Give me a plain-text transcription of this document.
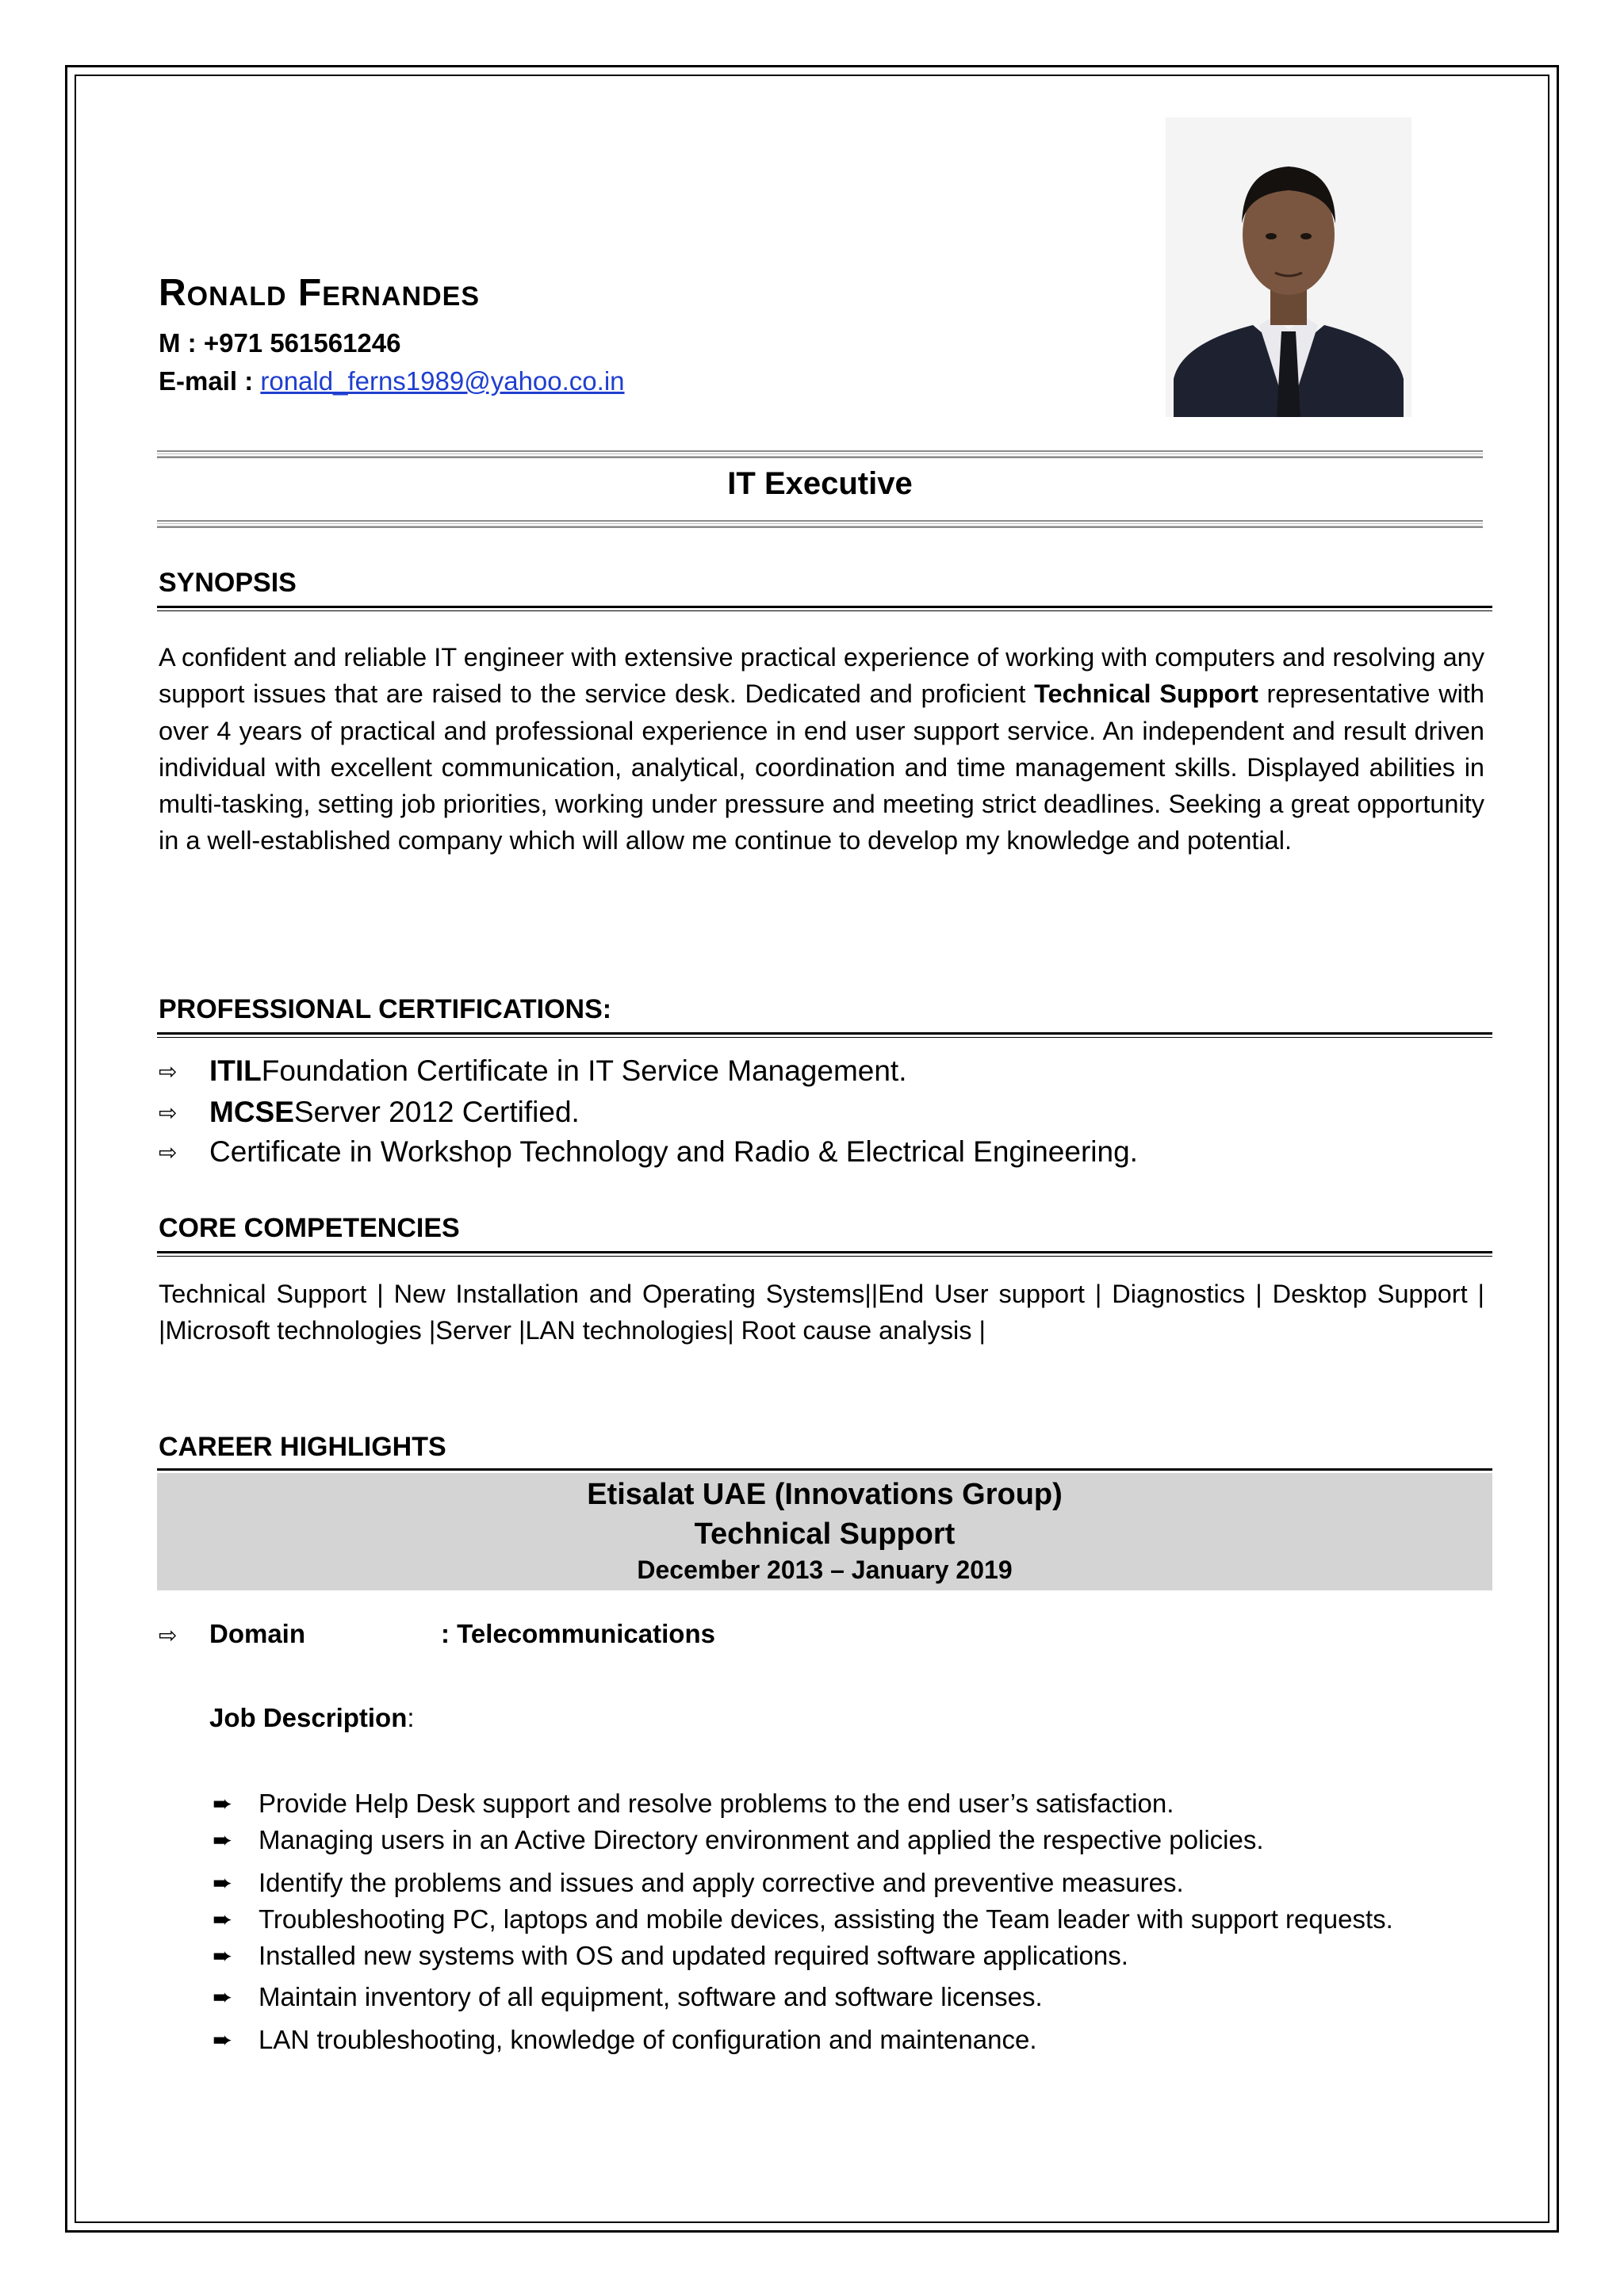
Ronald Fernandes
M : +971 561561246
E-mail : ronald_ferns1989@yahoo.co.in
IT Executive
SYNOPSIS
A confident and reliable IT engineer with extensive practical experience of working with computers and resolving any support issues that are raised to the service desk. Dedicated and proficient Technical Support representative with over 4 years of practical and professional experience in end user support service. An independent and result driven individual with excellent communication, analytical, coordination and time management skills. Displayed abilities in multi-tasking, setting job priorities, working under pressure and meeting strict deadlines. Seeking a great opportunity in a well-established company which will allow me continue to develop my knowledge and potential.
PROFESSIONAL CERTIFICATIONS:
⇨	ITIL Foundation Certificate in IT Service Management.
⇨	MCSE Server 2012 Certified.
⇨	Certificate in Workshop Technology and Radio & Electrical Engineering.
CORE COMPETENCIES
Technical Support | New Installation and Operating Systems||End User support | Diagnostics | Desktop Support | |Microsoft technologies |Server |LAN technologies| Root cause analysis |
CAREER HIGHLIGHTS
Etisalat UAE (Innovations Group)
Technical Support
December 2013 – January 2019
⇨	Domain	: Telecommunications
Job Description:
➨ Provide Help Desk support and resolve problems to the end user’s satisfaction.
➨ Managing users in an Active Directory environment and applied the respective policies.
➨ Identify the problems and issues and apply corrective and preventive measures.
➨ Troubleshooting PC, laptops and mobile devices, assisting the Team leader with support requests.
➨ Installed new systems with OS and updated required software applications.
➨ Maintain inventory of all equipment, software and software licenses.
➨ LAN troubleshooting, knowledge of configuration and maintenance.
